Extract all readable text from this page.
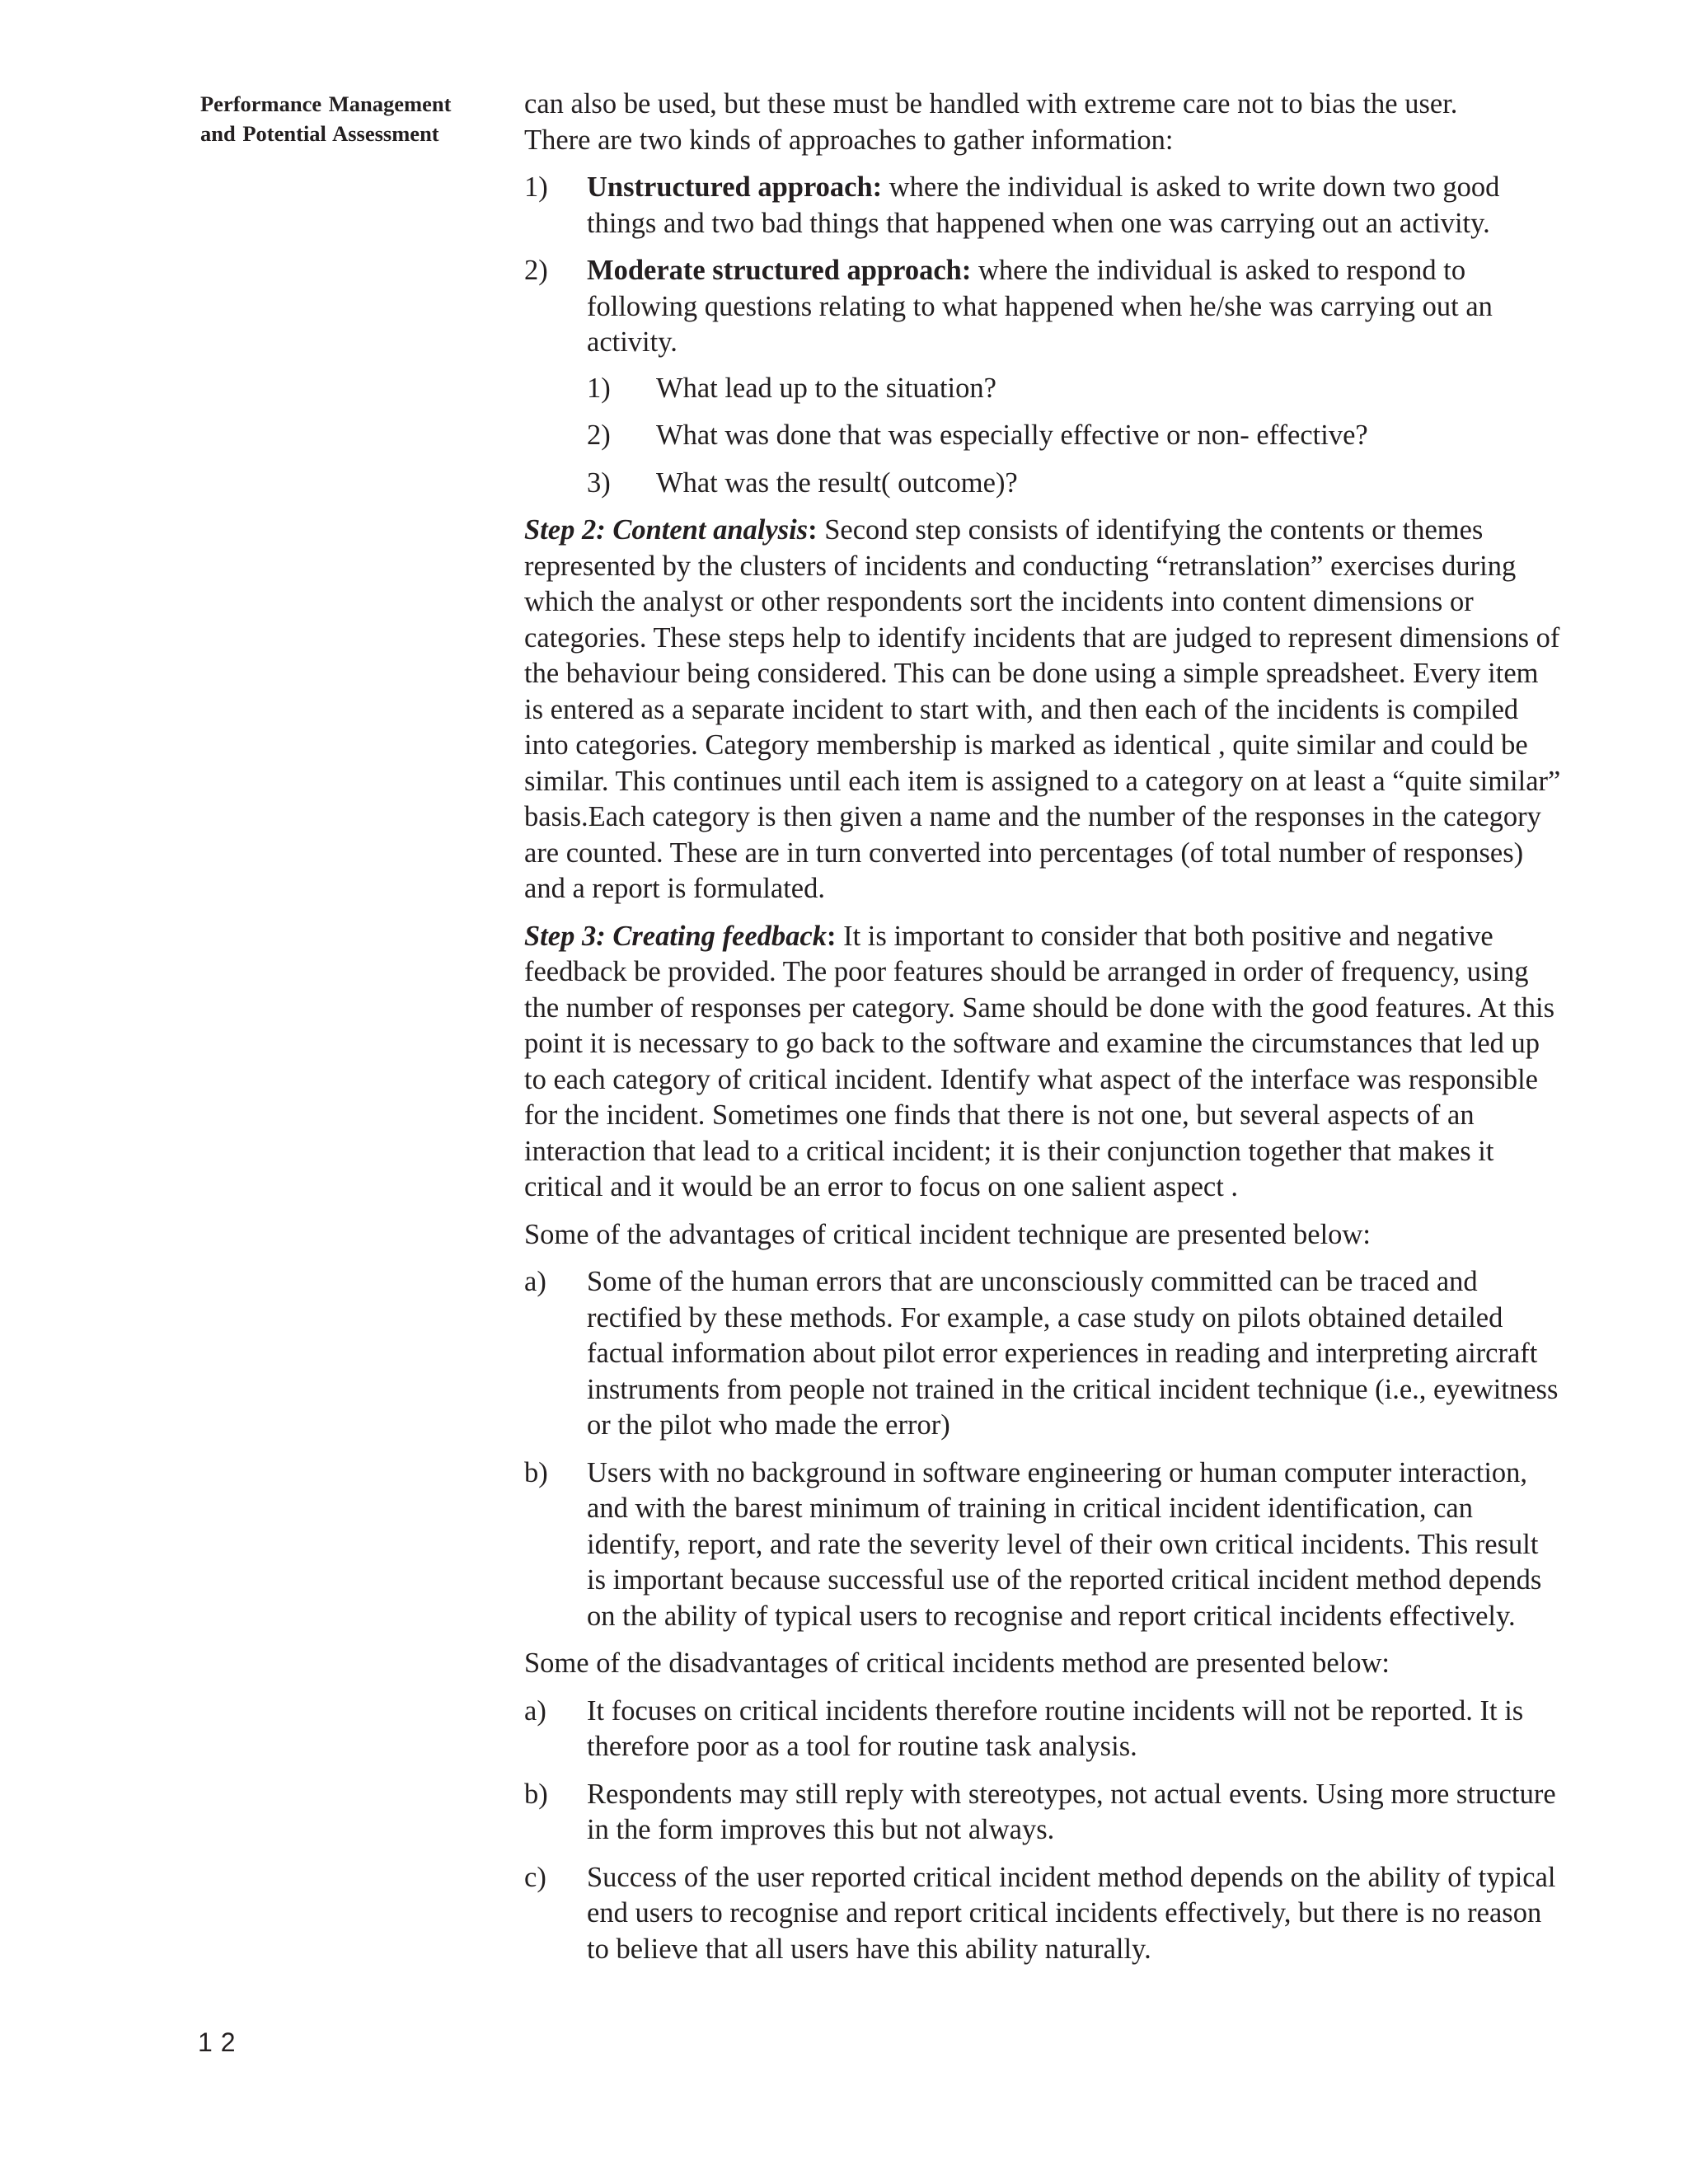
Performance Management
and Potential Assessment
12
can also be used, but these must be handled with extreme care not to bias the user.
There are two kinds of approaches to gather information:
1)	Unstructured approach: where the individual is asked to write down two good things and two bad things that happened when one was carrying out an activity.
2)	Moderate structured approach: where the individual is asked to respond to following questions relating to what happened when he/she was carrying out an activity.
1)	What lead up to the situation?
2)	What was done that was especially effective or non- effective?
3)	What was the result( outcome)?

Step 2: Content analysis: Second step consists of identifying the contents or themes represented by the clusters of incidents and conducting “retranslation” exercises during which the analyst or other respondents sort the incidents into content dimensions or categories. These steps help to identify incidents that are judged to represent dimensions of the behaviour being considered. This can be done using a simple spreadsheet. Every item is entered as a separate incident to start with, and then each of the incidents is compiled into categories. Category membership is marked as identical , quite similar and could be similar. This continues until each item is assigned to a category on at least a “quite similar” basis.Each category is then given a name and the number of the responses in the category are counted. These are in turn converted into percentages (of total number of responses) and a report is formulated.

Step 3: Creating feedback: It is important to consider that both positive and negative feedback be provided. The poor features should be arranged in order of frequency, using the number of responses per category. Same should be done with the good features. At this point it is necessary to go back to the software and examine the circumstances that led up to each category of critical incident. Identify what aspect of the interface was responsible for the incident. Sometimes one finds that there is not one, but several aspects of an interaction that lead to a critical incident; it is their conjunction together that makes it critical and it would be an error to focus on one salient aspect .

Some of the advantages of critical incident technique are presented below:

a)	Some of the human errors that are unconsciously committed can be traced and rectified by these methods. For example, a case study on pilots obtained detailed factual information about pilot error experiences in reading and interpreting aircraft instruments from people not trained in the critical incident technique (i.e., eyewitness or the pilot who made the error)
b)	Users with no background in software engineering or human computer interaction, and with the barest minimum of training in critical incident identification, can identify, report, and rate the severity level of their own critical incidents. This result is important because successful use of the reported critical incident method depends on the ability of typical users to recognise and report critical incidents effectively.

Some of the disadvantages of critical incidents method are presented below:

a)	It focuses on critical incidents therefore routine incidents will not be reported. It is therefore poor as a tool for routine task analysis.
b)	Respondents may still reply with stereotypes, not actual events. Using more structure in the form improves this but not always.
c)	Success of the user reported critical incident method depends on the ability of typical end users to recognise and report critical incidents effectively, but there is no reason to believe that all users have this ability naturally.
